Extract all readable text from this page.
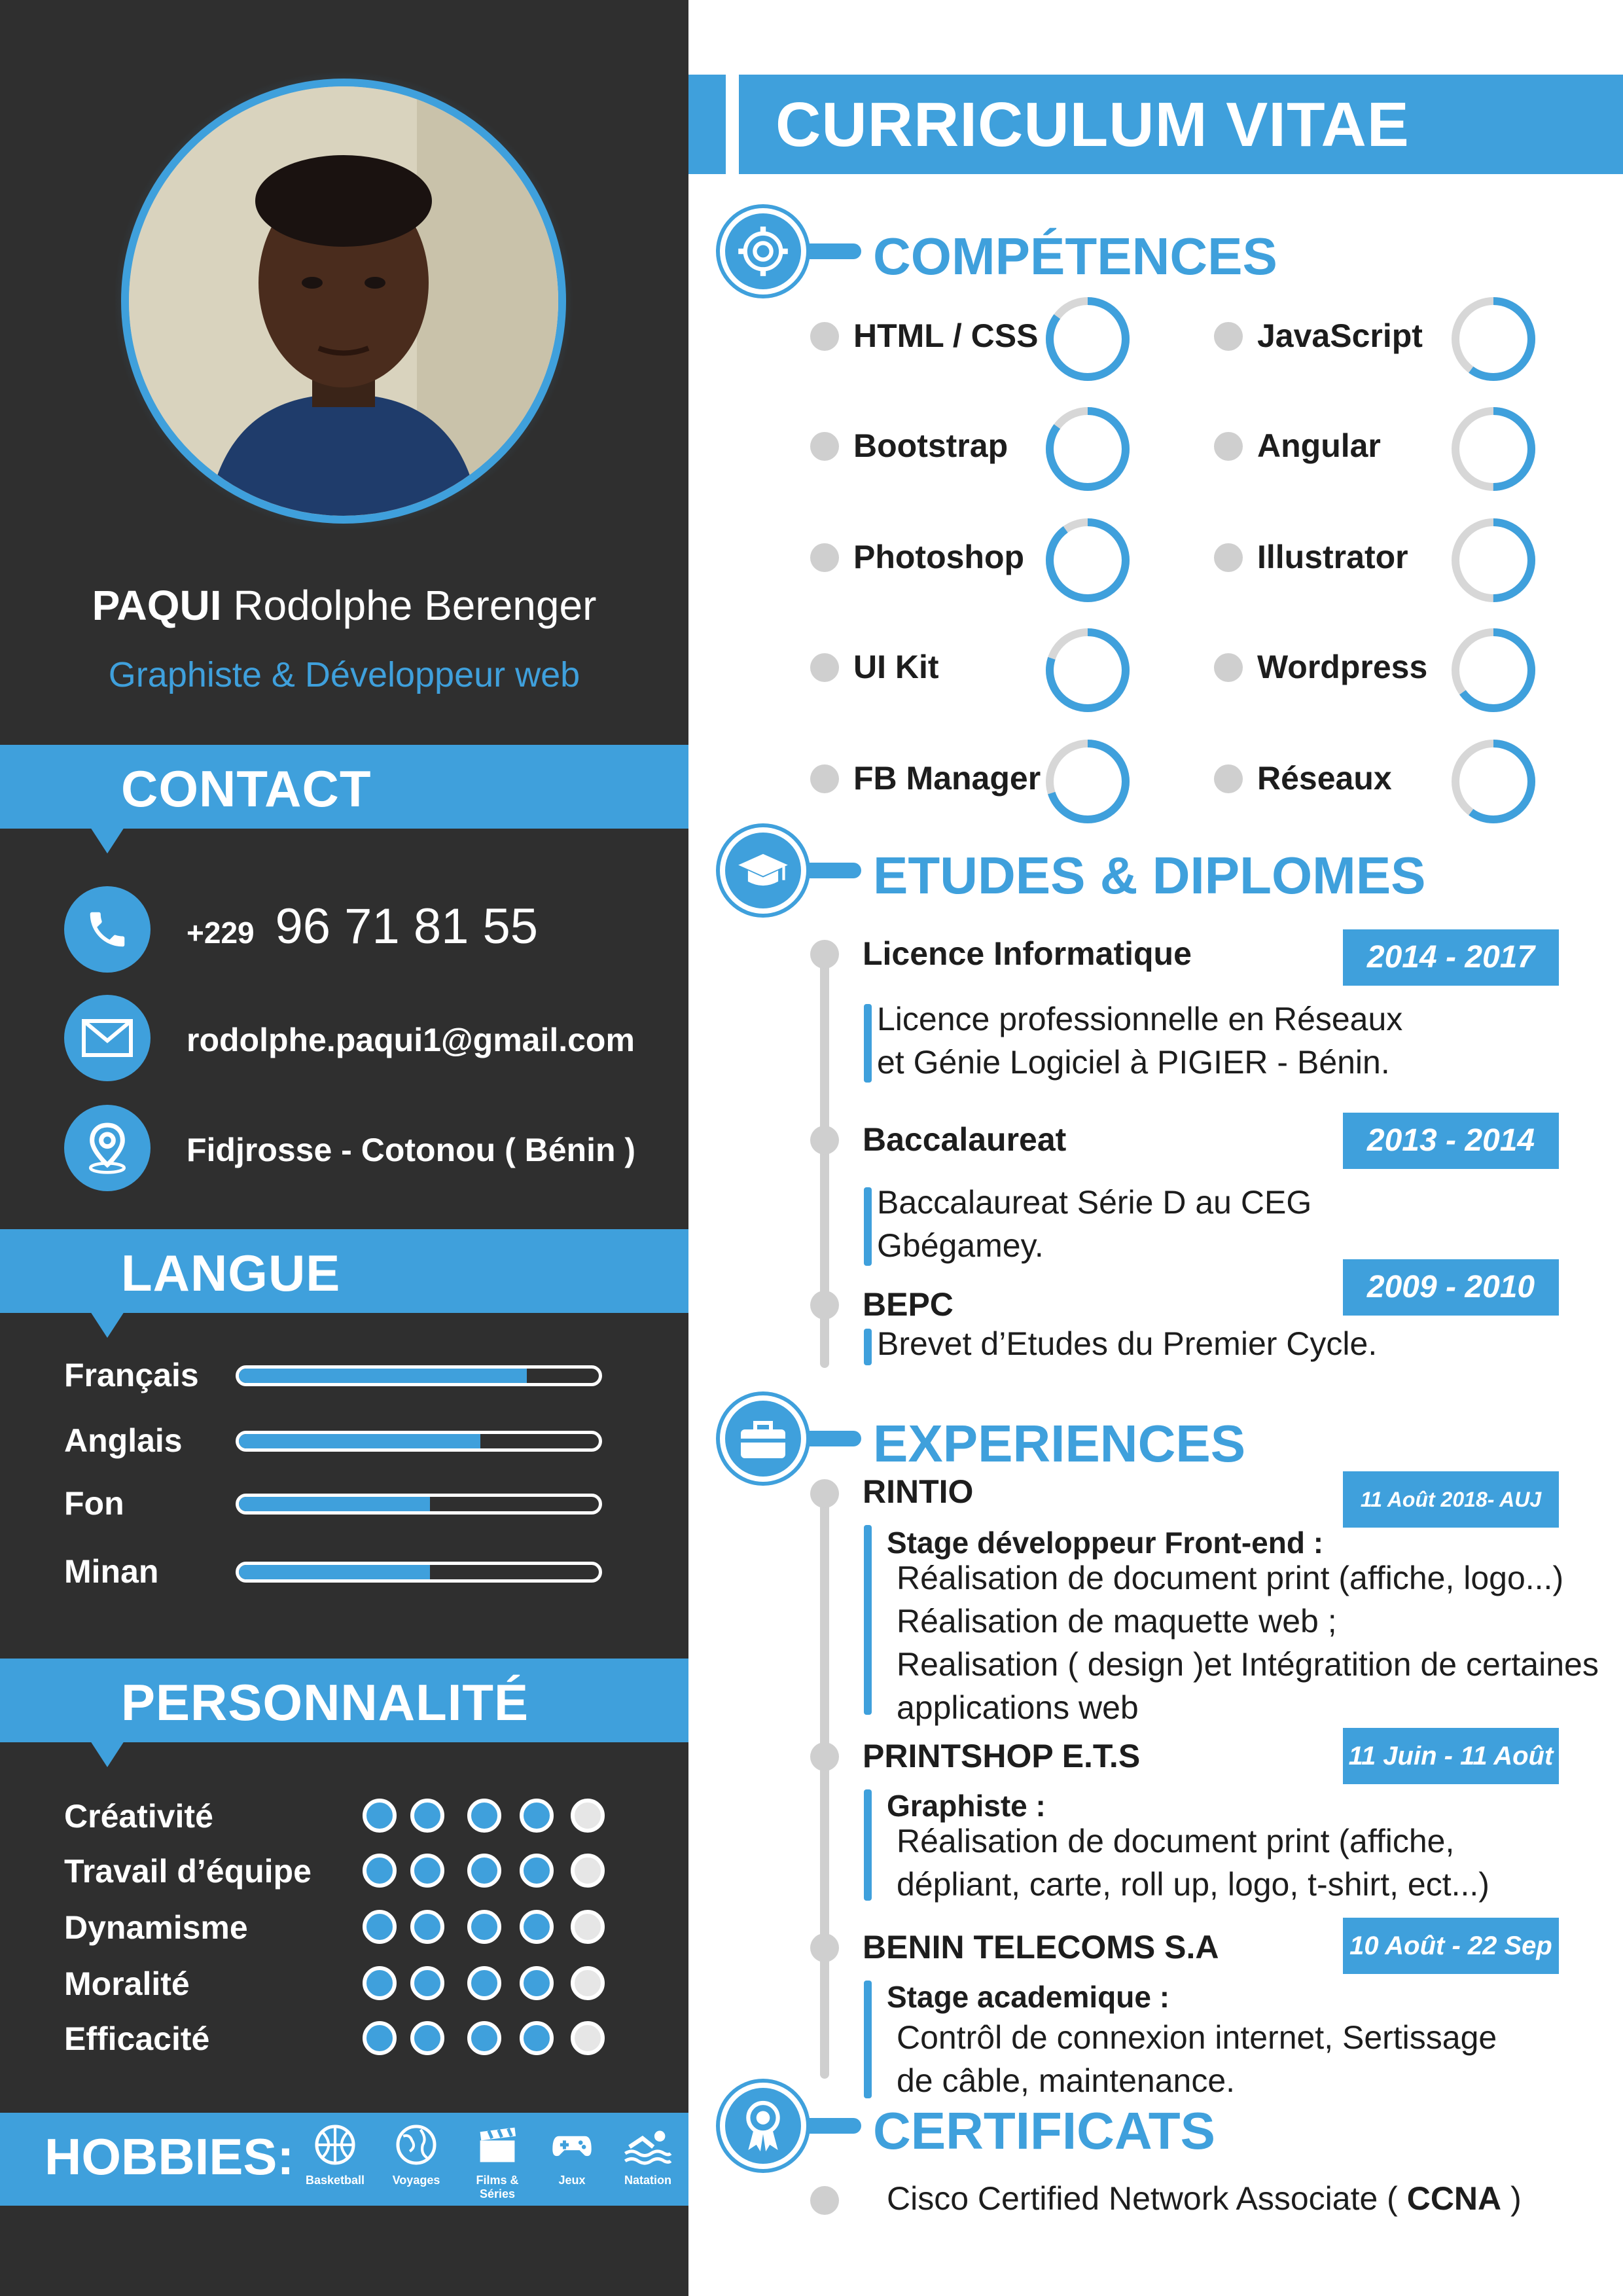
PAQUI Rodolphe Berenger
Graphiste & Développeur web
CONTACT
+229 96 71 81 55
rodolphe.paqui1@gmail.com
Fidjrosse - Cotonou ( Bénin )
LANGUE
Français
Anglais
Fon
Minan
PERSONNALITÉ
Créativité
Travail d’équipe
Dynamisme
Moralité
Efficacité
HOBBIES: Basketball	Voyages	Films & Séries
Jeux	Natation
CURRICULUM VITAE
COMPÉTENCES
HTML / CSS	JavaScript
Bootstrap	Angular
Photoshop	Illustrator
UI Kit	Wordpress
FB Manager	Réseaux
ETUDES & DIPLOMES
Licence Informatique	2014 - 2017
Licence professionnelle en Réseaux
et Génie Logiciel à PIGIER - Bénin.
Baccalaureat	2013 - 2014
Baccalaureat Série D au CEG
Gbégamey.
BEPC	2009 - 2010
Brevet d’Etudes du Premier Cycle.
EXPERIENCES
RINTIO	11 Août 2018- AUJ
Stage développeur Front-end :
Réalisation de document print (affiche, logo...)
Réalisation de maquette web ;
Realisation ( design )et Intégratition de certaines
applications web
PRINTSHOP E.T.S	11 Juin - 11 Août
Graphiste :
Réalisation de document print (affiche,
dépliant, carte, roll up, logo, t-shirt, ect...)
BENIN TELECOMS S.A	10 Août - 22 Sep
Stage academique :
Contrôl de connexion internet, Sertissage
de câble, maintenance.
CERTIFICATS
Cisco Certified Network Associate ( CCNA )
